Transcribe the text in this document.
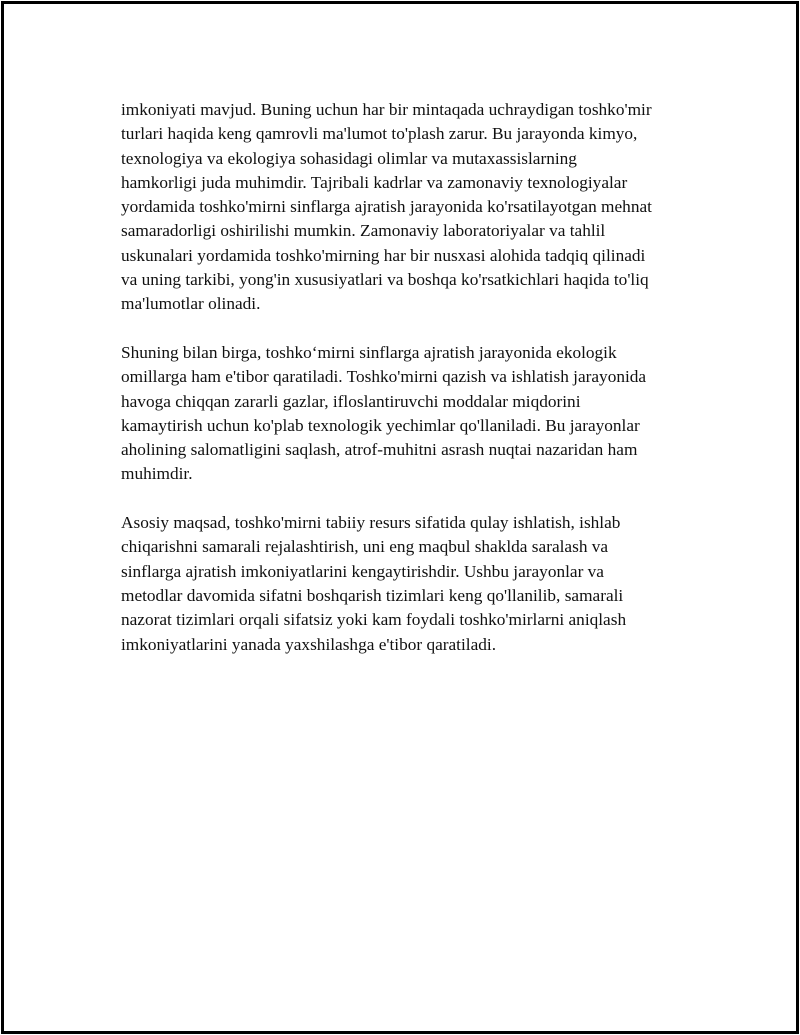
imkoniyati mavjud. Buning uchun har bir mintaqada uchraydigan toshko'mir
turlari haqida keng qamrovli ma'lumot to'plash zarur. Bu jarayonda kimyo,
texnologiya va ekologiya sohasidagi olimlar va mutaxassislarning
hamkorligi juda muhimdir. Tajribali kadrlar va zamonaviy texnologiyalar
yordamida toshko'mirni sinflarga ajratish jarayonida ko'rsatilayotgan mehnat
samaradorligi oshirilishi mumkin. Zamonaviy laboratoriyalar va tahlil
uskunalari yordamida toshko'mirning har bir nusxasi alohida tadqiq qilinadi
va uning tarkibi, yong'in xususiyatlari va boshqa ko'rsatkichlari haqida to'liq
ma'lumotlar olinadi.
Shuning bilan birga, toshko‘mirni sinflarga ajratish jarayonida ekologik
omillarga ham e'tibor qaratiladi. Toshko'mirni qazish va ishlatish jarayonida
havoga chiqqan zararli gazlar, ifloslantiruvchi moddalar miqdorini
kamaytirish uchun ko'plab texnologik yechimlar qo'llaniladi. Bu jarayonlar
aholining salomatligini saqlash, atrof-muhitni asrash nuqtai nazaridan ham
muhimdir.
Asosiy maqsad, toshko'mirni tabiiy resurs sifatida qulay ishlatish, ishlab
chiqarishni samarali rejalashtirish, uni eng maqbul shaklda saralash va
sinflarga ajratish imkoniyatlarini kengaytirishdir. Ushbu jarayonlar va
metodlar davomida sifatni boshqarish tizimlari keng qo'llanilib, samarali
nazorat tizimlari orqali sifatsiz yoki kam foydali toshko'mirlarni aniqlash
imkoniyatlarini yanada yaxshilashga e'tibor qaratiladi.
